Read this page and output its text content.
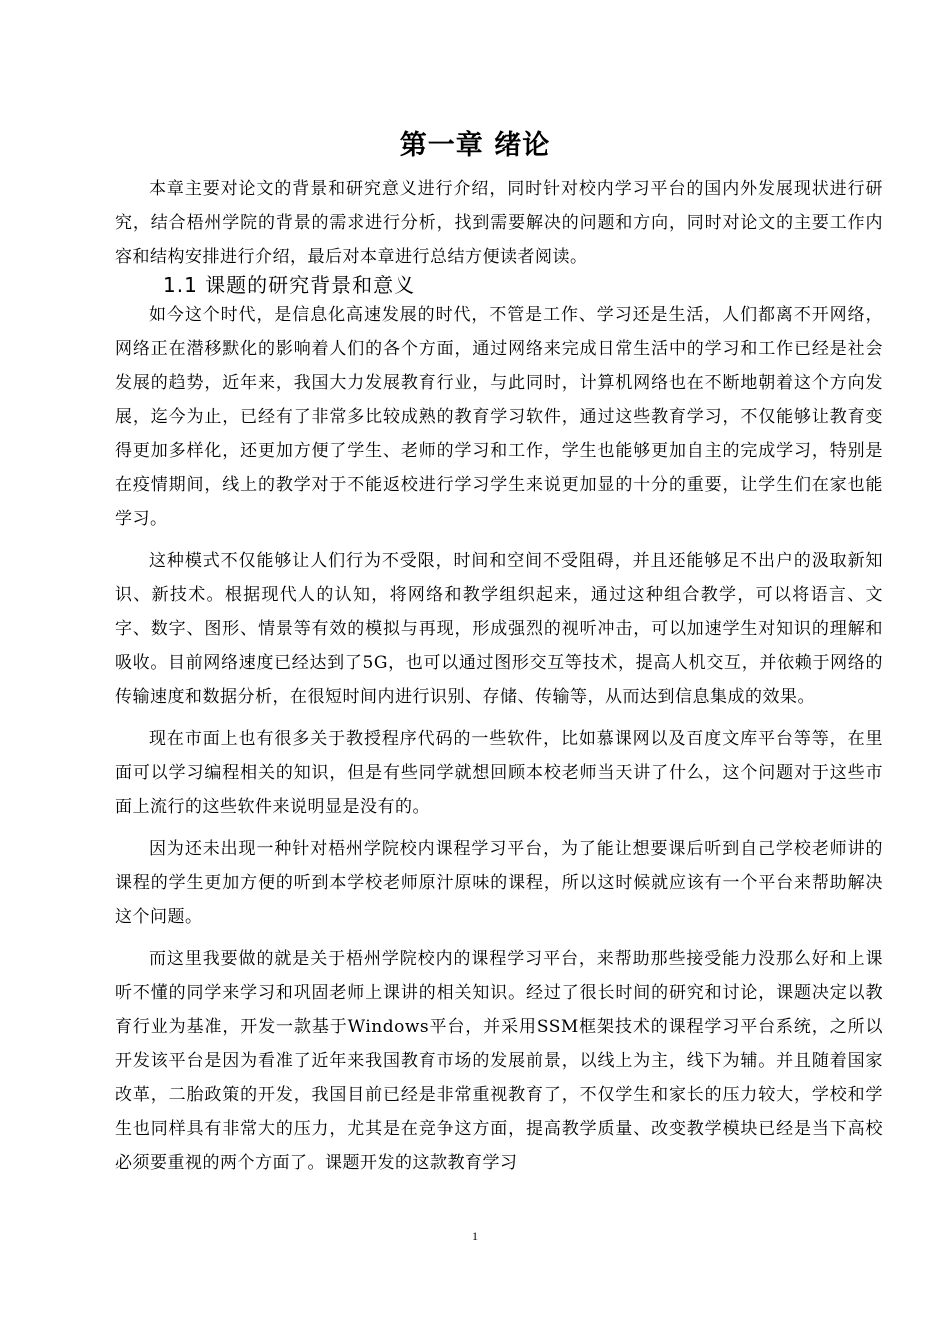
第一章 绪论

本章主要对论文的背景和研究意义进行介绍，同时针对校内学习平台的国内外发展现状进行研究，结合梧州学院的背景的需求进行分析，找到需要解决的问题和方向，同时对论文的主要工作内容和结构安排进行介绍，最后对本章进行总结方便读者阅读。

1.1 课题的研究背景和意义

如今这个时代，是信息化高速发展的时代，不管是工作、学习还是生活，人们都离不开网络，网络正在潜移默化的影响着人们的各个方面，通过网络来完成日常生活中的学习和工作已经是社会发展的趋势，近年来，我国大力发展教育行业，与此同时，计算机网络也在不断地朝着这个方向发展，迄今为止，已经有了非常多比较成熟的教育学习软件，通过这些教育学习，不仅能够让教育变得更加多样化，还更加方便了学生、老师的学习和工作，学生也能够更加自主的完成学习，特别是在疫情期间，线上的教学对于不能返校进行学习学生来说更加显的十分的重要，让学生们在家也能学习。

这种模式不仅能够让人们行为不受限，时间和空间不受阻碍，并且还能够足不出户的汲取新知识、新技术。根据现代人的认知，将网络和教学组织起来，通过这种组合教学，可以将语言、文字、数字、图形、情景等有效的模拟与再现，形成强烈的视听冲击，可以加速学生对知识的理解和吸收。目前网络速度已经达到了5G，也可以通过图形交互等技术，提高人机交互，并依赖于网络的传输速度和数据分析，在很短时间内进行识别、存储、传输等，从而达到信息集成的效果。

现在市面上也有很多关于教授程序代码的一些软件，比如慕课网以及百度文库平台等等，在里面可以学习编程相关的知识，但是有些同学就想回顾本校老师当天讲了什么，这个问题对于这些市面上流行的这些软件来说明显是没有的。

因为还未出现一种针对梧州学院校内课程学习平台，为了能让想要课后听到自己学校老师讲的课程的学生更加方便的听到本学校老师原汁原味的课程，所以这时候就应该有一个平台来帮助解决这个问题。

而这里我要做的就是关于梧州学院校内的课程学习平台，来帮助那些接受能力没那么好和上课听不懂的同学来学习和巩固老师上课讲的相关知识。经过了很长时间的研究和讨论，课题决定以教育行业为基准，开发一款基于Windows平台，并采用SSM框架技术的课程学习平台系统，之所以开发该平台是因为看准了近年来我国教育市场的发展前景，以线上为主，线下为辅。并且随着国家改革，二胎政策的开发，我国目前已经是非常重视教育了，不仅学生和家长的压力较大，学校和学生也同样具有非常大的压力，尤其是在竞争这方面，提高教学质量、改变教学模块已经是当下高校必须要重视的两个方面了。课题开发的这款教育学习

1
